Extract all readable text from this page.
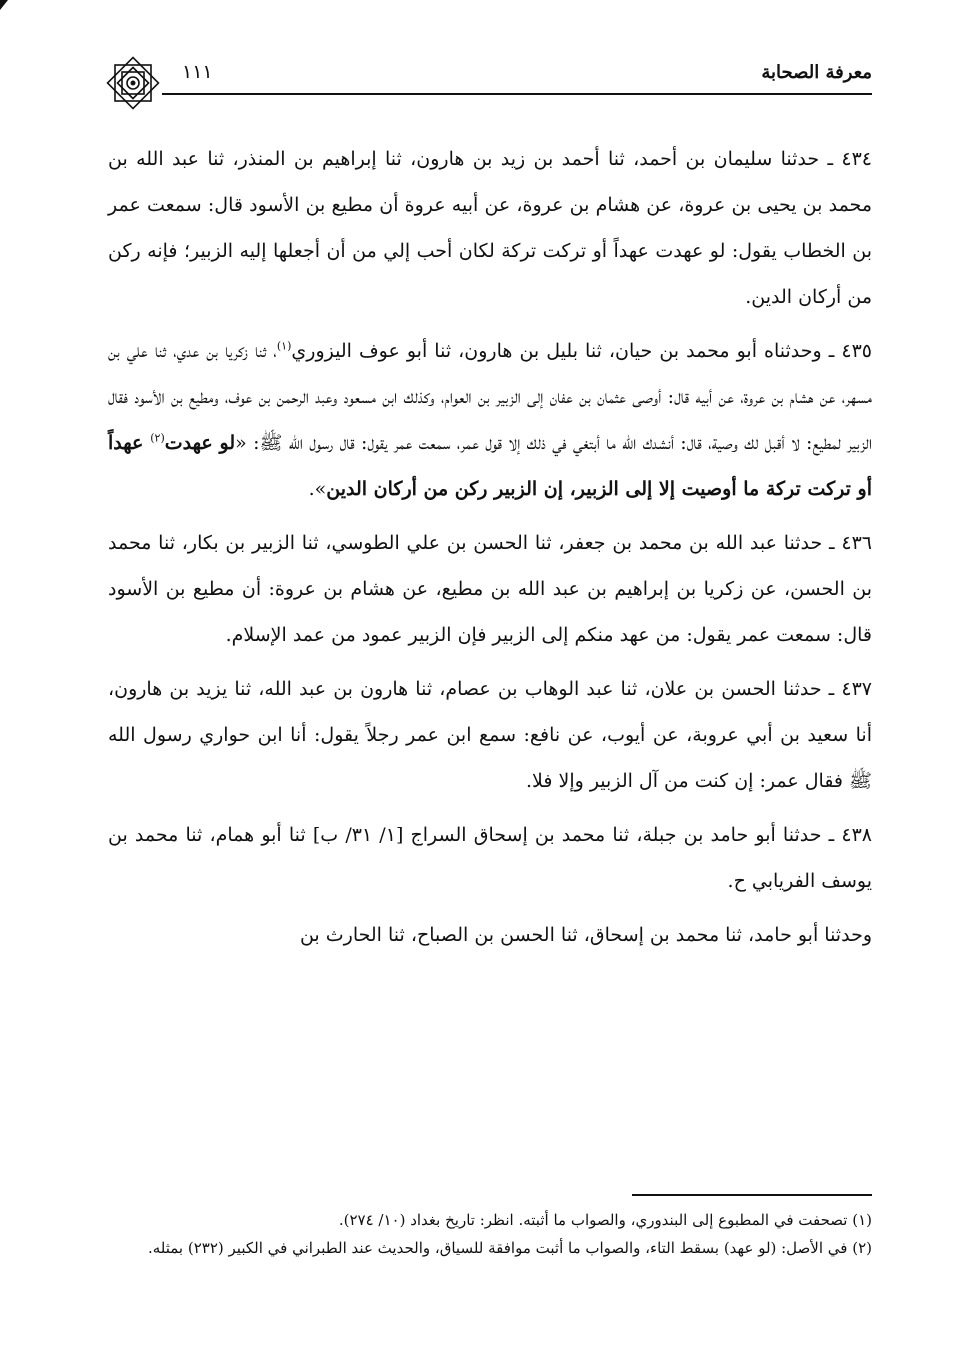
١١١	معرفة الصحابة

٤٣٤ ـ حدثنا سليمان بن أحمد، ثنا أحمد بن زيد بن هارون، ثنا إبراهيم بن المنذر، ثنا عبد الله بن محمد بن يحيى بن عروة، عن هشام بن عروة، عن أبيه عروة أن مطيع بن الأسود قال: سمعت عمر بن الخطاب يقول: لو عهدت عهداً أو تركت تركة لكان أحب إلي من أن أجعلها إليه الزبير؛ فإنه ركن من أركان الدين.

٤٣٥ ـ وحدثناه أبو محمد بن حيان، ثنا بليل بن هارون، ثنا أبو عوف اليزوري$^{(١)}$، ثنا زكريا بن عدي، ثنا علي بن مسهر، عن هشام بن عروة، عن أبيه قال: أوصى عثمان بن عفان إلى الزبير بن العوام، وكذلك ابن مسعود وعبد الرحمن بن عوف، ومطيع بن الأسود فقال الزبير لمطيع: لا أقبل لك وصية، قال: أنشدك الله ما أبتغي في ذلك إلا قول عمر، سمعت عمر يقول: قال رسول الله ﷺ: «لو عهدت$^{(٢)}$ عهداً أو تركت تركة ما أوصيت إلا إلى الزبير، إن الزبير ركن من أركان الدين».

٤٣٦ ـ حدثنا عبد الله بن محمد بن جعفر، ثنا الحسن بن علي الطوسي، ثنا الزبير بن بكار، ثنا محمد بن الحسن، عن زكريا بن إبراهيم بن عبد الله بن مطيع، عن هشام بن عروة: أن مطيع بن الأسود قال: سمعت عمر يقول: من عهد منكم إلى الزبير فإن الزبير عمود من عمد الإسلام.

٤٣٧ ـ حدثنا الحسن بن علان، ثنا عبد الوهاب بن عصام، ثنا هارون بن عبد الله، ثنا يزيد بن هارون، أنا سعيد بن أبي عروبة، عن أيوب، عن نافع: سمع ابن عمر رجلاً يقول: أنا ابن حواري رسول الله ﷺ فقال عمر: إن كنت من آل الزبير وإلا فلا.

٤٣٨ ـ حدثنا أبو حامد بن جبلة، ثنا محمد بن إسحاق السراج [١/ ٣١/ ب] ثنا أبو همام، ثنا محمد بن يوسف الفريابي ح.

وحدثنا أبو حامد، ثنا محمد بن إسحاق، ثنا الحسن بن الصباح، ثنا الحارث بن

(١) تصحفت في المطبوع إلى البندوري، والصواب ما أثبته. انظر: تاريخ بغداد (١٠/ ٢٧٤).

(٢) في الأصل: (لو عهد) بسقط التاء، والصواب ما أثبت موافقة للسياق، والحديث عند الطبراني في الكبير (٢٣٢) بمثله.
